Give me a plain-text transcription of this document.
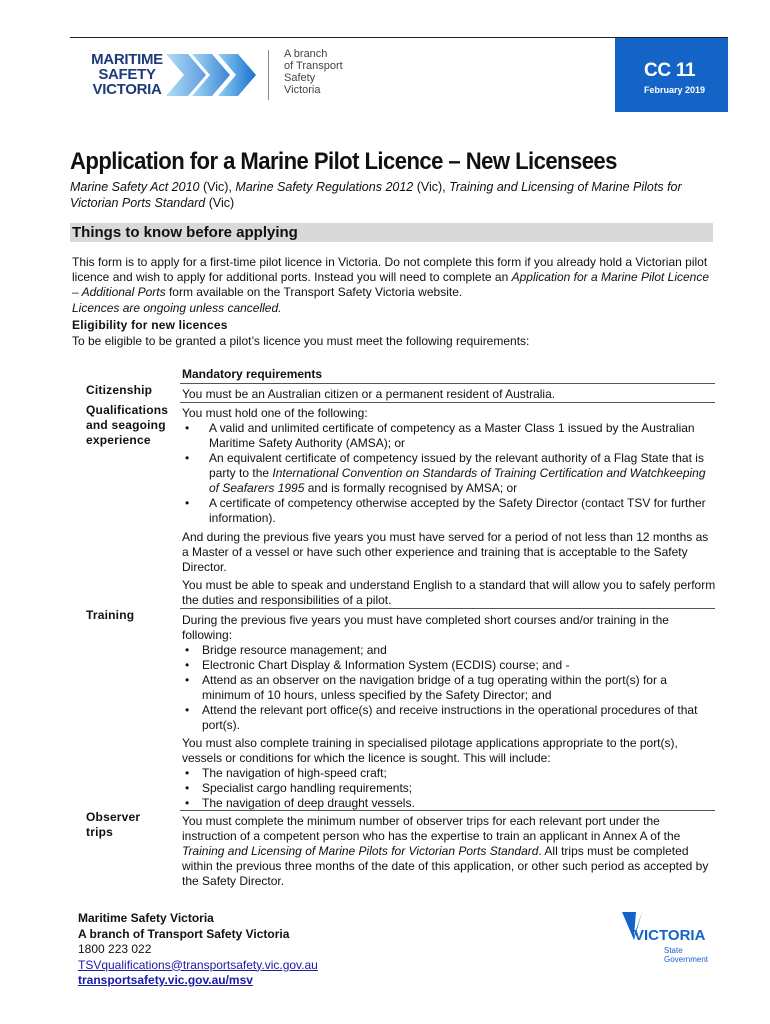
MARITIME
SAFETY
VICTORIA
A branch
of Transport
Safety
Victoria
CC 11
February 2019
Application for a Marine Pilot Licence – New Licensees
Marine Safety Act 2010 (Vic), Marine Safety Regulations 2012 (Vic), Training and Licensing of Marine Pilots for Victorian Ports Standard (Vic)
Things to know before applying
This form is to apply for a first-time pilot licence in Victoria. Do not complete this form if you already hold a Victorian pilot licence and wish to apply for additional ports. Instead you will need to complete an Application for a Marine Pilot Licence – Additional Ports form available on the Transport Safety Victoria website.
Licences are ongoing unless cancelled.
Eligibility for new licences
To be eligible to be granted a pilot’s licence you must meet the following requirements:
Mandatory requirements
Citizenship	You must be an Australian citizen or a permanent resident of Australia.
Qualifications and seagoing experience

You must hold one of the following:

• A valid and unlimited certificate of competency as a Master Class 1 issued by the Australian Maritime Safety Authority (AMSA); or
• An equivalent certificate of competency issued by the relevant authority of a Flag State that is party to the International Convention on Standards of Training Certification and Watchkeeping of Seafarers 1995 and is formally recognised by AMSA; or
• A certificate of competency otherwise accepted by the Safety Director (contact TSV for further information).
And during the previous five years you must have served for a period of not less than 12 months as a Master of a vessel or have such other experience and training that is acceptable to the Safety Director.
You must be able to speak and understand English to a standard that will allow you to safely perform the duties and responsibilities of a pilot.
Training	During the previous five years you must have completed short courses and/or training in the following:

• Bridge resource management; and
• Electronic Chart Display & Information System (ECDIS) course; and -
• Attend as an observer on the navigation bridge of a tug operating within the port(s) for a minimum of 10 hours, unless specified by the Safety Director; and
• Attend the relevant port office(s) and receive instructions in the operational procedures of that port(s).

You must also complete training in specialised pilotage applications appropriate to the port(s), vessels or conditions for which the licence is sought. This will include:

• The navigation of high-speed craft;
• Specialist cargo handling requirements;
• The navigation of deep draught vessels.
Observer trips
You must complete the minimum number of observer trips for each relevant port under the instruction of a competent person who has the expertise to train an applicant in Annex A of the Training and Licensing of Marine Pilots for Victorian Ports Standard. All trips must be completed within the previous three months of the date of this application, or other such period as accepted by the Safety Director.
Maritime Safety Victoria
A branch of Transport Safety Victoria
1800 223 022
TSVqualifications@transportsafety.vic.gov.au
transportsafety.vic.gov.au/msv
VICTORIA
State
Government
